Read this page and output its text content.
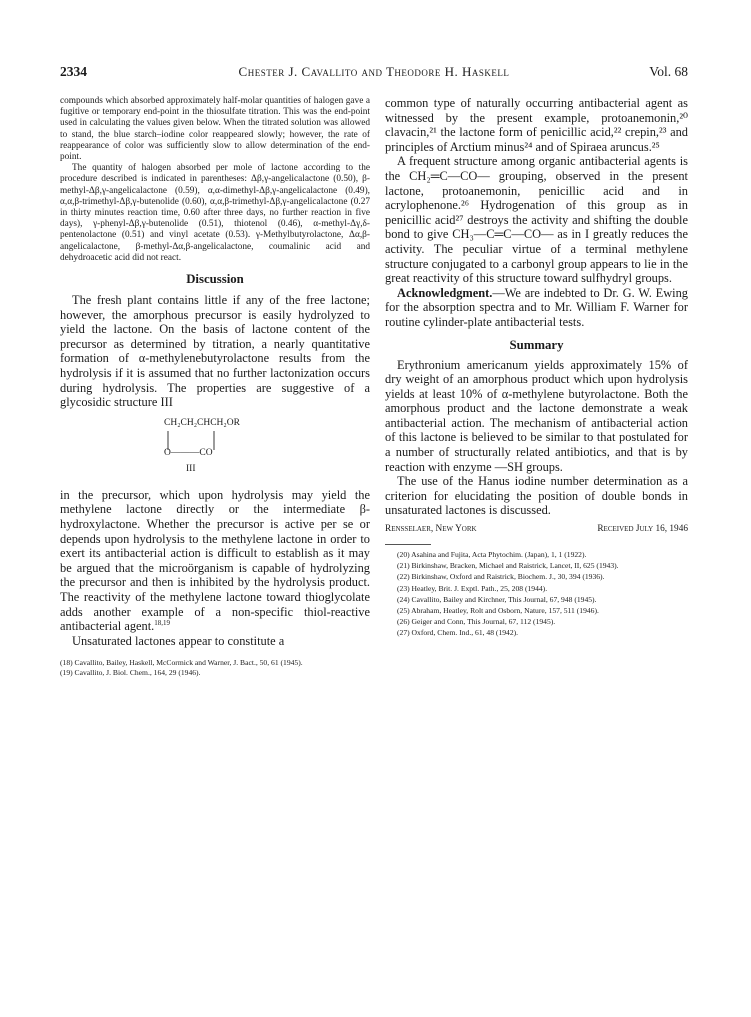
2334	Chester J. Cavallito and Theodore H. Haskell	Vol. 68

compounds which absorbed approximately half-molar quantities of halogen gave a fugitive or temporary end-point in the thiosulfate titration. This was the end-point used in calculating the values given below. When the titrated solution was allowed to stand, the blue starch–iodine color reappeared slowly; however, the rate of reappearance of color was sufficiently slow to allow determination of the end-point.

The quantity of halogen absorbed per mole of lactone according to the procedure described is indicated in parentheses: Δβ,γ-angelicalactone (0.50), β-methyl-Δβ,γ-angelicalactone (0.59), α,α-dimethyl-Δβ,γ-angelicalactone (0.49), α,α,β-trimethyl-Δβ,γ-butenolide (0.60), α,α,β-trimethyl-Δβ,γ-angelicalactone (0.27 in thirty minutes reaction time, 0.60 after three days, no further reaction in five days), γ-phenyl-Δβ,γ-butenolide (0.51), thiotenol (0.46), α-methyl-Δγ,δ-pentenolactone (0.51) and vinyl acetate (0.53). γ-Methylbutyrolactone, Δα,β-angelicalactone, β-methyl-Δα,β-angelicalactone, coumalinic acid and dehydroacetic acid did not react.

Discussion

The fresh plant contains little if any of the free lactone; however, the amorphous precursor is easily hydrolyzed to yield the lactone. On the basis of lactone content of the precursor as determined by titration, a nearly quantitative formation of α-methylenebutyrolactone results from the hydrolysis if it is assumed that no further lactonization occurs during hydrolysis. The properties are suggestive of a glycosidic structure III

CH₂CH₂CHCH₂OR
O———CO
III

in the precursor, which upon hydrolysis may yield the methylene lactone directly or the intermediate β-hydroxylactone. Whether the precursor is active per se or depends upon hydrolysis to the methylene lactone in order to exert its antibacterial action is difficult to establish as it may be argued that the microörganism is capable of hydrolyzing the precursor and then is inhibited by the hydrolysis product. The reactivity of the methylene lactone toward thioglycolate adds another example of a non-specific thiol-reactive antibacterial agent.$^{18,19}$

Unsaturated lactones appear to constitute a

(18) Cavallito, Bailey, Haskell, McCormick and Warner, J. Bact., 50, 61 (1945).
(19) Cavallito, J. Biol. Chem., 164, 29 (1946).

common type of naturally occurring antibacterial agent as witnessed by the present example, protoanemonin,²⁰ clavacin,²¹ the lactone form of penicillic acid,²² crepin,²³ and principles of Arctium minus²⁴ and of Spiraea aruncus.²⁵

A frequent structure among organic antibacterial agents is the CH₂═C—CO— grouping, observed in the present lactone, protoanemonin, penicillic acid and in acrylophenone.²⁶ Hydrogenation of this group as in penicillic acid²⁷ destroys the activity and shifting the double bond to give CH₃—C═C—CO— as in I greatly reduces the activity. The peculiar virtue of a terminal methylene structure conjugated to a carbonyl group appears to lie in the great reactivity of this structure toward sulfhydryl groups.

Acknowledgment.—We are indebted to Dr. G. W. Ewing for the absorption spectra and to Mr. William F. Warner for routine cylinder-plate antibacterial tests.

Summary

Erythronium americanum yields approximately 15% of dry weight of an amorphous product which upon hydrolysis yields at least 10% of α-methylene butyrolactone. Both the amorphous product and the lactone demonstrate a weak antibacterial action. The mechanism of antibacterial action of this lactone is believed to be similar to that postulated for a number of structurally related antibiotics, and that is by reaction with enzyme —SH groups.

The use of the Hanus iodine number determination as a criterion for elucidating the position of double bonds in unsaturated lactones is discussed.

Rensselaer, New York	Received July 16, 1946
(20) Asahina and Fujita, Acta Phytochim. (Japan), 1, 1 (1922).
(21) Birkinshaw, Bracken, Michael and Raistrick, Lancet, II, 625 (1943).
(22) Birkinshaw, Oxford and Raistrick, Biochem. J., 30, 394 (1936).
(23) Heatley, Brit. J. Exptl. Path., 25, 208 (1944).
(24) Cavallito, Bailey and Kirchner, This Journal, 67, 948 (1945).
(25) Abraham, Heatley, Rolt and Osborn, Nature, 157, 511 (1946).
(26) Geiger and Conn, This Journal, 67, 112 (1945).
(27) Oxford, Chem. Ind., 61, 48 (1942).
